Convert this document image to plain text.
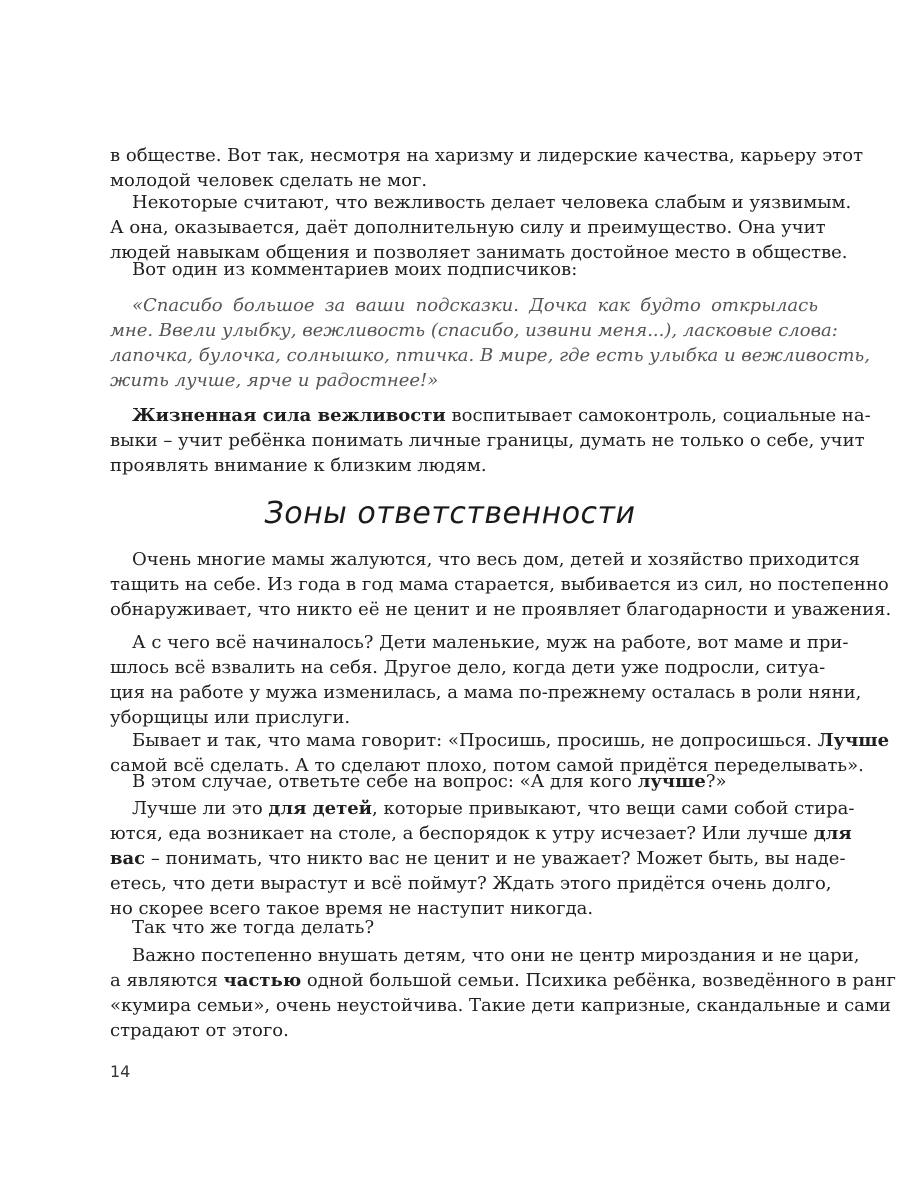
в обществе. Вот так, несмотря на харизму и лидерские качества, карьеру этот
молодой человек сделать не мог.
Некоторые считают, что вежливость делает человека слабым и уязвимым.
А она, оказывается, даёт дополнительную силу и преимущество. Она учит
людей навыкам общения и позволяет занимать достойное место в обществе.
Вот один из комментариев моих подписчиков:
«Спасибо большое за ваши подсказки. Дочка как будто открылась
мне. Ввели улыбку, вежливость (спасибо, извини меня...), ласковые слова:
лапочка, булочка, солнышко, птичка. В мире, где есть улыбка и вежливость,
жить лучше, ярче и радостнее!»
Жизненная сила вежливости воспитывает самоконтроль, социальные на-
выки – учит ребёнка понимать личные границы, думать не только о себе, учит
проявлять внимание к близким людям.
Зоны ответственности
Очень многие мамы жалуются, что весь дом, детей и хозяйство приходится
тащить на себе. Из года в год мама старается, выбивается из сил, но постепенно
обнаруживает, что никто её не ценит и не проявляет благодарности и уважения.
А с чего всё начиналось? Дети маленькие, муж на работе, вот маме и при-
шлось всё взвалить на себя. Другое дело, когда дети уже подросли, ситуа-
ция на работе у мужа изменилась, а мама по-прежнему осталась в роли няни,
уборщицы или прислуги.
Бывает и так, что мама говорит: «Просишь, просишь, не допросишься. Лучше
самой всё сделать. А то сделают плохо, потом самой придётся переделывать».
В этом случае, ответьте себе на вопрос: «А для кого лучше?»
Лучше ли это для детей, которые привыкают, что вещи сами собой стира-
ются, еда возникает на столе, а беспорядок к утру исчезает? Или лучше для
вас – понимать, что никто вас не ценит и не уважает? Может быть, вы наде-
етесь, что дети вырастут и всё поймут? Ждать этого придётся очень долго,
но скорее всего такое время не наступит никогда.
Так что же тогда делать?
Важно постепенно внушать детям, что они не центр мироздания и не цари,
а являются частью одной большой семьи. Психика ребёнка, возведённого в ранг
«кумира семьи», очень неустойчива. Такие дети капризные, скандальные и сами
страдают от этого.
14
